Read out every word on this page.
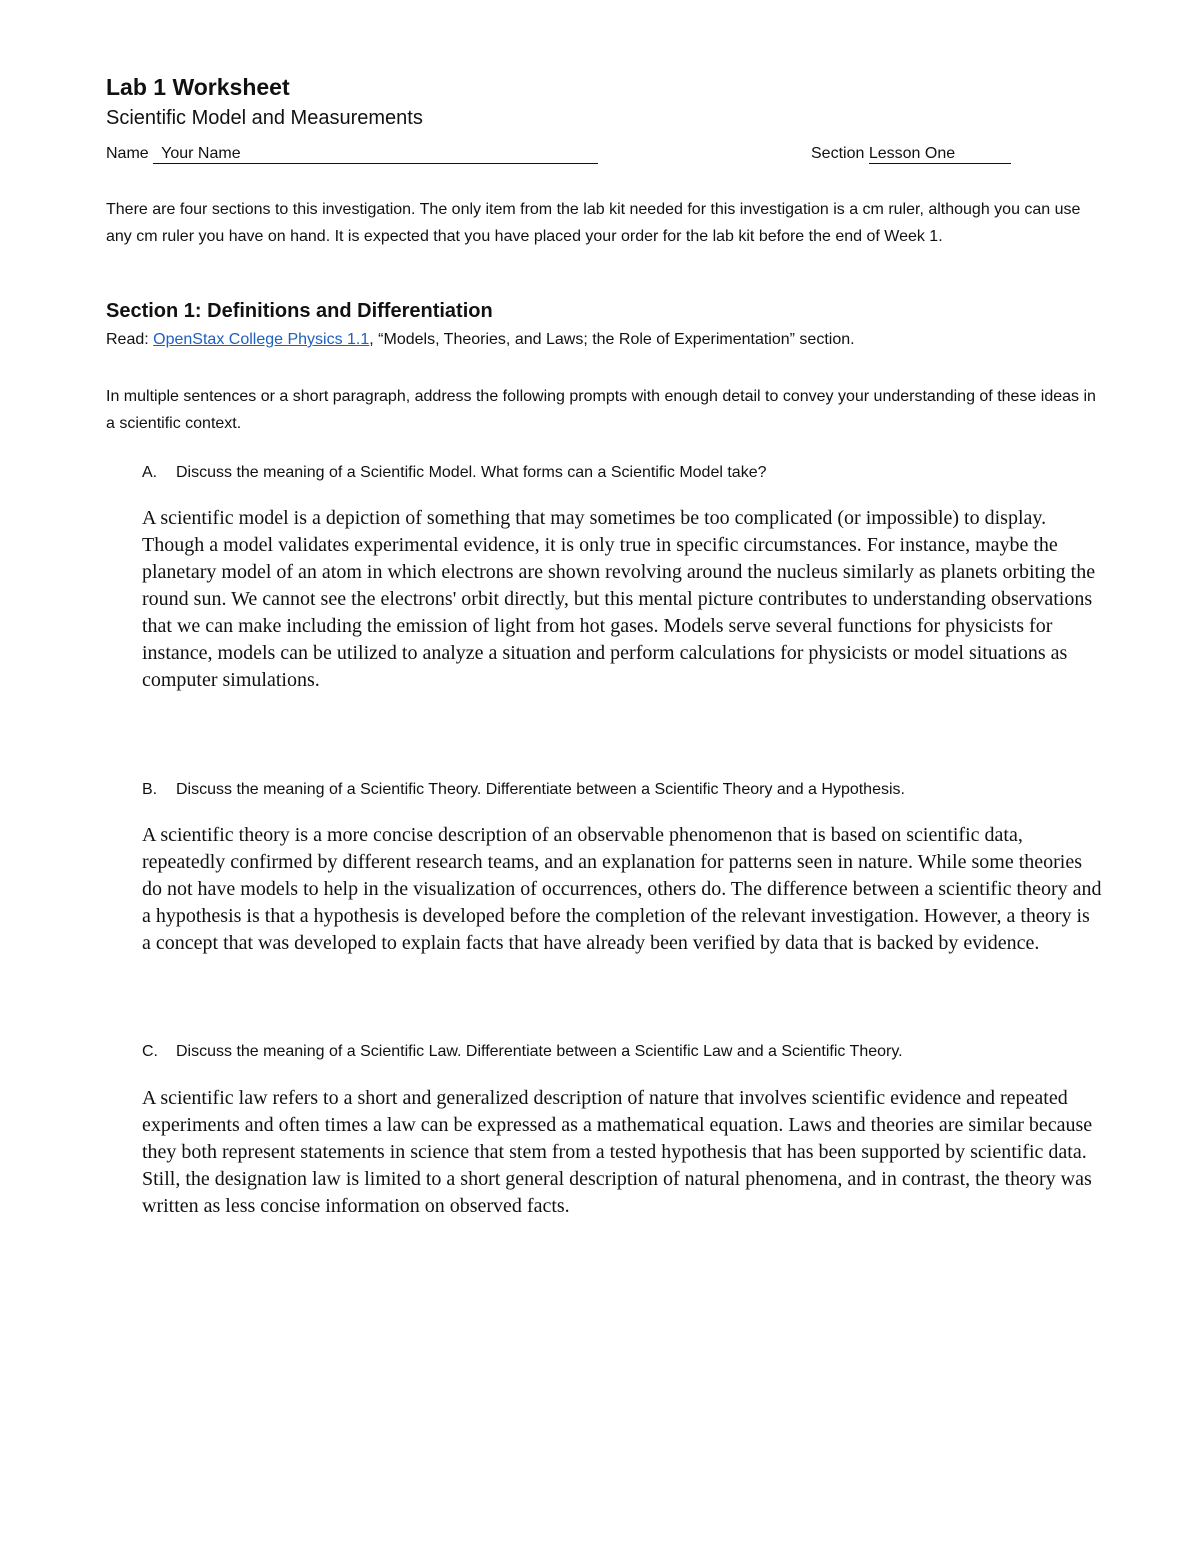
Lab 1 Worksheet
Scientific Model and Measurements
Name Your Name	Section Lesson One
There are four sections to this investigation. The only item from the lab kit needed for this investigation is a cm ruler, although you can use any cm ruler you have on hand. It is expected that you have placed your order for the lab kit before the end of Week 1.
Section 1: Definitions and Differentiation
Read: OpenStax College Physics 1.1, “Models, Theories, and Laws; the Role of Experimentation” section.
In multiple sentences or a short paragraph, address the following prompts with enough detail to convey your understanding of these ideas in a scientific context.
A. Discuss the meaning of a Scientific Model. What forms can a Scientific Model take?
A scientific model is a depiction of something that may sometimes be too complicated (or impossible) to display. Though a model validates experimental evidence, it is only true in specific circumstances. For instance, maybe the planetary model of an atom in which electrons are shown revolving around the nucleus similarly as planets orbiting the round sun. We cannot see the electrons' orbit directly, but this mental picture contributes to understanding observations that we can make including the emission of light from hot gases. Models serve several functions for physicists for instance, models can be utilized to analyze a situation and perform calculations for physicists or model situations as computer simulations.
B. Discuss the meaning of a Scientific Theory. Differentiate between a Scientific Theory and a Hypothesis.
A scientific theory is a more concise description of an observable phenomenon that is based on scientific data, repeatedly confirmed by different research teams, and an explanation for patterns seen in nature. While some theories do not have models to help in the visualization of occurrences, others do. The difference between a scientific theory and a hypothesis is that a hypothesis is developed before the completion of the relevant investigation. However, a theory is a concept that was developed to explain facts that have already been verified by data that is backed by evidence.
C. Discuss the meaning of a Scientific Law. Differentiate between a Scientific Law and a Scientific Theory.
A scientific law refers to a short and generalized description of nature that involves scientific evidence and repeated experiments and often times a law can be expressed as a mathematical equation. Laws and theories are similar because they both represent statements in science that stem from a tested hypothesis that has been supported by scientific data. Still, the designation law is limited to a short general description of natural phenomena, and in contrast, the theory was written as less concise information on observed facts.
